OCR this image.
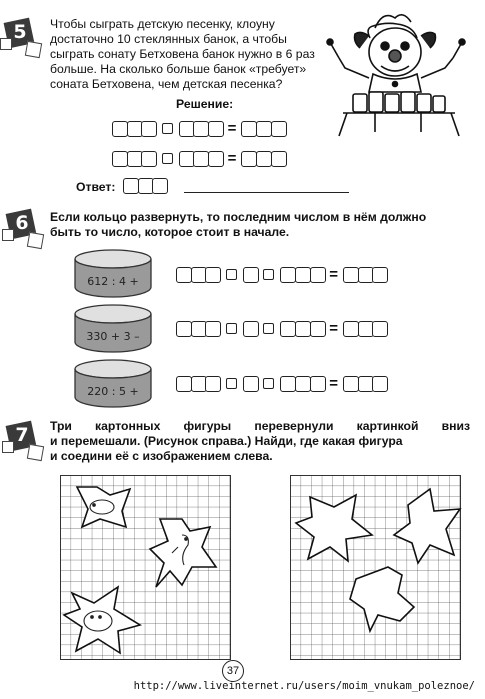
5	Чтобы сыграть детскую песенку, клоуну
достаточно 10 стеклянных банок, а чтобы
сыграть сонату Бетховена банок нужно в 6 раз
больше. На сколько больше банок «требует»
соната Бетховена, чем детская песенка?
Решение:
=
=
Ответ:
6	Если кольцо развернуть, то последним числом в нём должно
быть то число, которое стоит в начале.
612 : 4 +
330 + 3 –
220 : 5 +
=
=
=
7	Три картонных фигуры перевернули картинкой вниз
и перемешали. (Рисунок справа.) Найди, где какая фигура
и соедини её с изображением слева.
37
http://www.liveinternet.ru/users/moim_vnukam_poleznoe/
